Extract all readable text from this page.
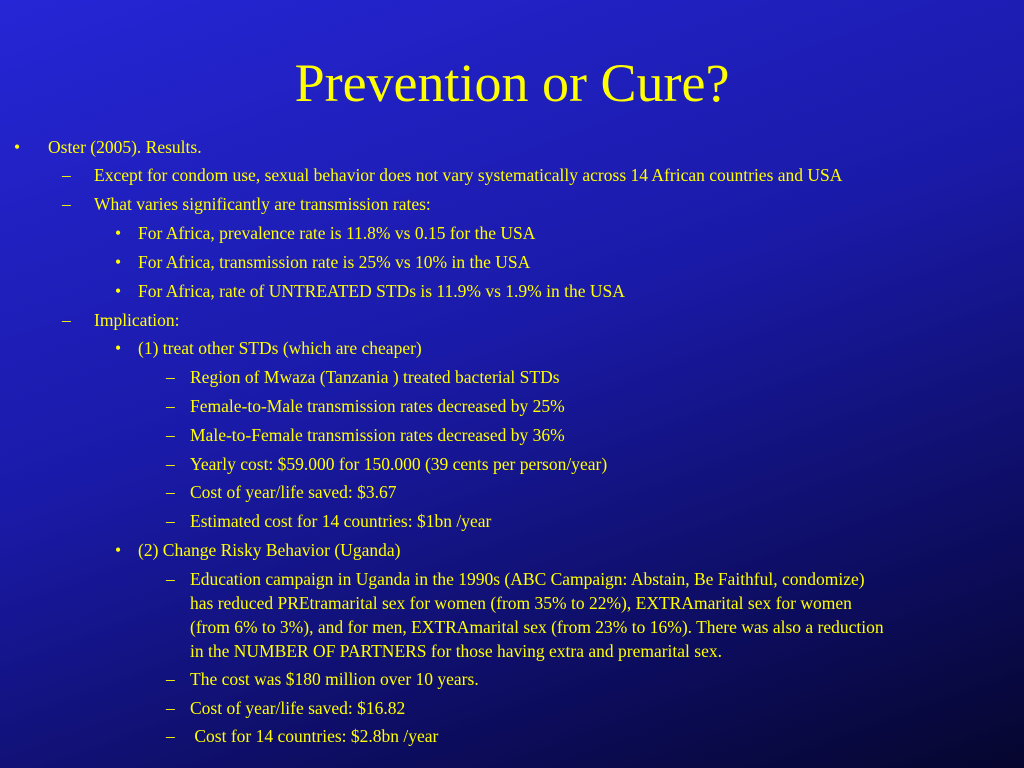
Prevention or Cure?
• Oster (2005). Results.
– Except for condom use, sexual behavior does not vary systematically across 14 African countries and USA
– What varies significantly are transmission rates:
• For Africa, prevalence rate is 11.8% vs 0.15 for the USA
• For Africa, transmission rate is 25% vs 10% in the USA
• For Africa, rate of UNTREATED STDs is 11.9% vs 1.9% in the USA
– Implication:
• (1) treat other STDs (which are cheaper)
– Region of Mwaza (Tanzania ) treated bacterial STDs
– Female-to-Male transmission rates decreased by 25%
– Male-to-Female transmission rates decreased by 36%
– Yearly cost: $59.000 for 150.000 (39 cents per person/year)
– Cost of year/life saved: $3.67
– Estimated cost for 14 countries: $1bn /year
• (2) Change Risky Behavior (Uganda)
– Education campaign in Uganda in the 1990s (ABC Campaign: Abstain, Be Faithful, condomize)
has reduced PREtramarital sex for women (from 35% to 22%), EXTRAmarital sex for women
(from 6% to 3%), and for men, EXTRAmarital sex (from 23% to 16%). There was also a reduction
in the NUMBER OF PARTNERS for those having extra and premarital sex.
– The cost was $180 million over 10 years.
– Cost of year/life saved: $16.82
– Cost for 14 countries: $2.8bn /year
